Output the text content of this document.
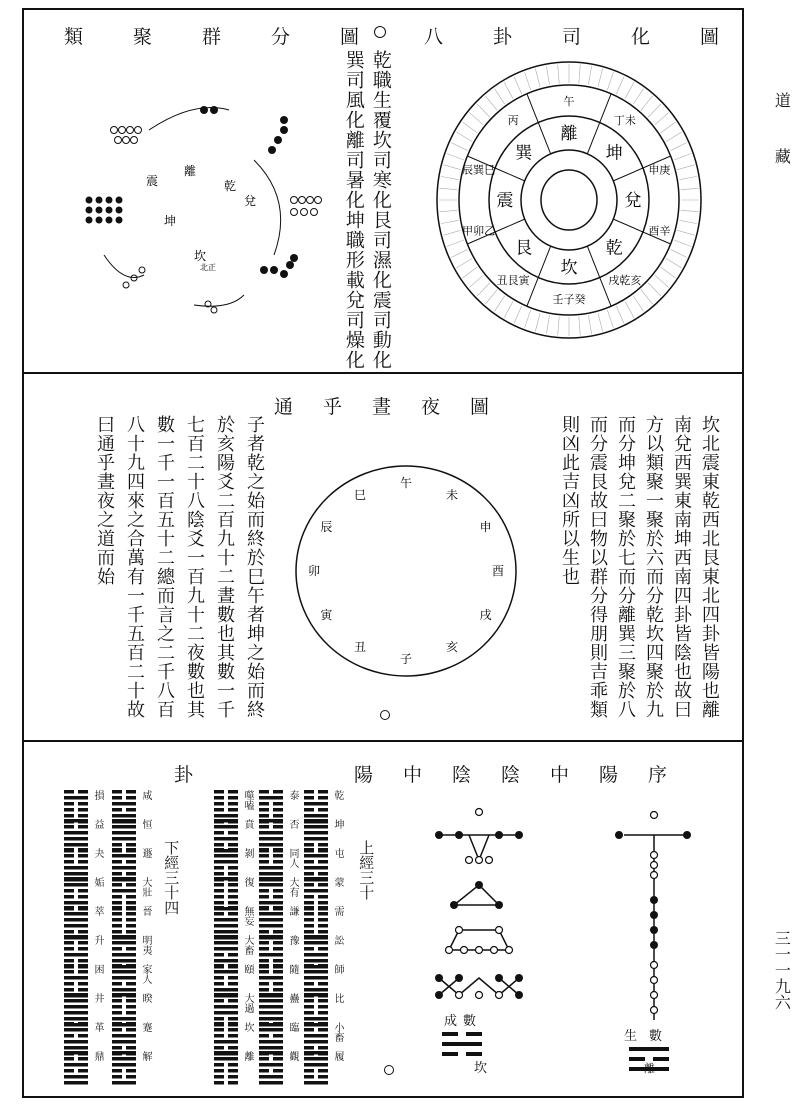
八卦司化圖
類聚群分圖
乾職生覆坎司寒化艮司濕化震司動化
巽司風化離司暑化坤職形載兌司燥化	離
坤
兌
乾
坎
艮
震
巽
午
丁未
申庚
酉辛
戌乾亥
壬子癸
丑艮寅
甲卯乙
辰巽巳
丙
坎
北正
離
震
兌
坤
乾
通乎晝夜圖
坎北震東乾西北艮東北四卦皆陽也離
南兌西巽東南坤西南四卦皆陰也故曰
方以類聚一聚於六而分乾坎四聚於九
而分坤兌二聚於七而分離巽三聚於八
而分震艮故曰物以群分得朋則吉乖類
則凶此吉凶所以生也
子者乾之始而終於巳午者坤之始而終
於亥陽爻二百九十二晝數也其數一千
七百二十八陰爻一百九十二夜數也其
數一千一百五十二總而言之二千八百
八十九四來之合萬有一千五百二十故
曰通乎晝夜之道而始	午
未
申
酉
戌
亥
子
丑
寅
卯
辰
巳
陽中陰陰中陽序
卦
上經三十
下經三十四
乾
坤
屯
蒙
需
訟
師
比
小畜
履
泰
否
同人
大有
謙
豫
隨
蠱
臨
觀
噬嗑
賁
剝
復
無妄
大畜
頤
大過
坎
離
咸
恒
遯
大壯
晉
明夷
家人
睽
蹇
解
損
益
夬
姤
萃
升
困
井
革
鼎
成數
生數
坎	離
道藏
三一一九六
